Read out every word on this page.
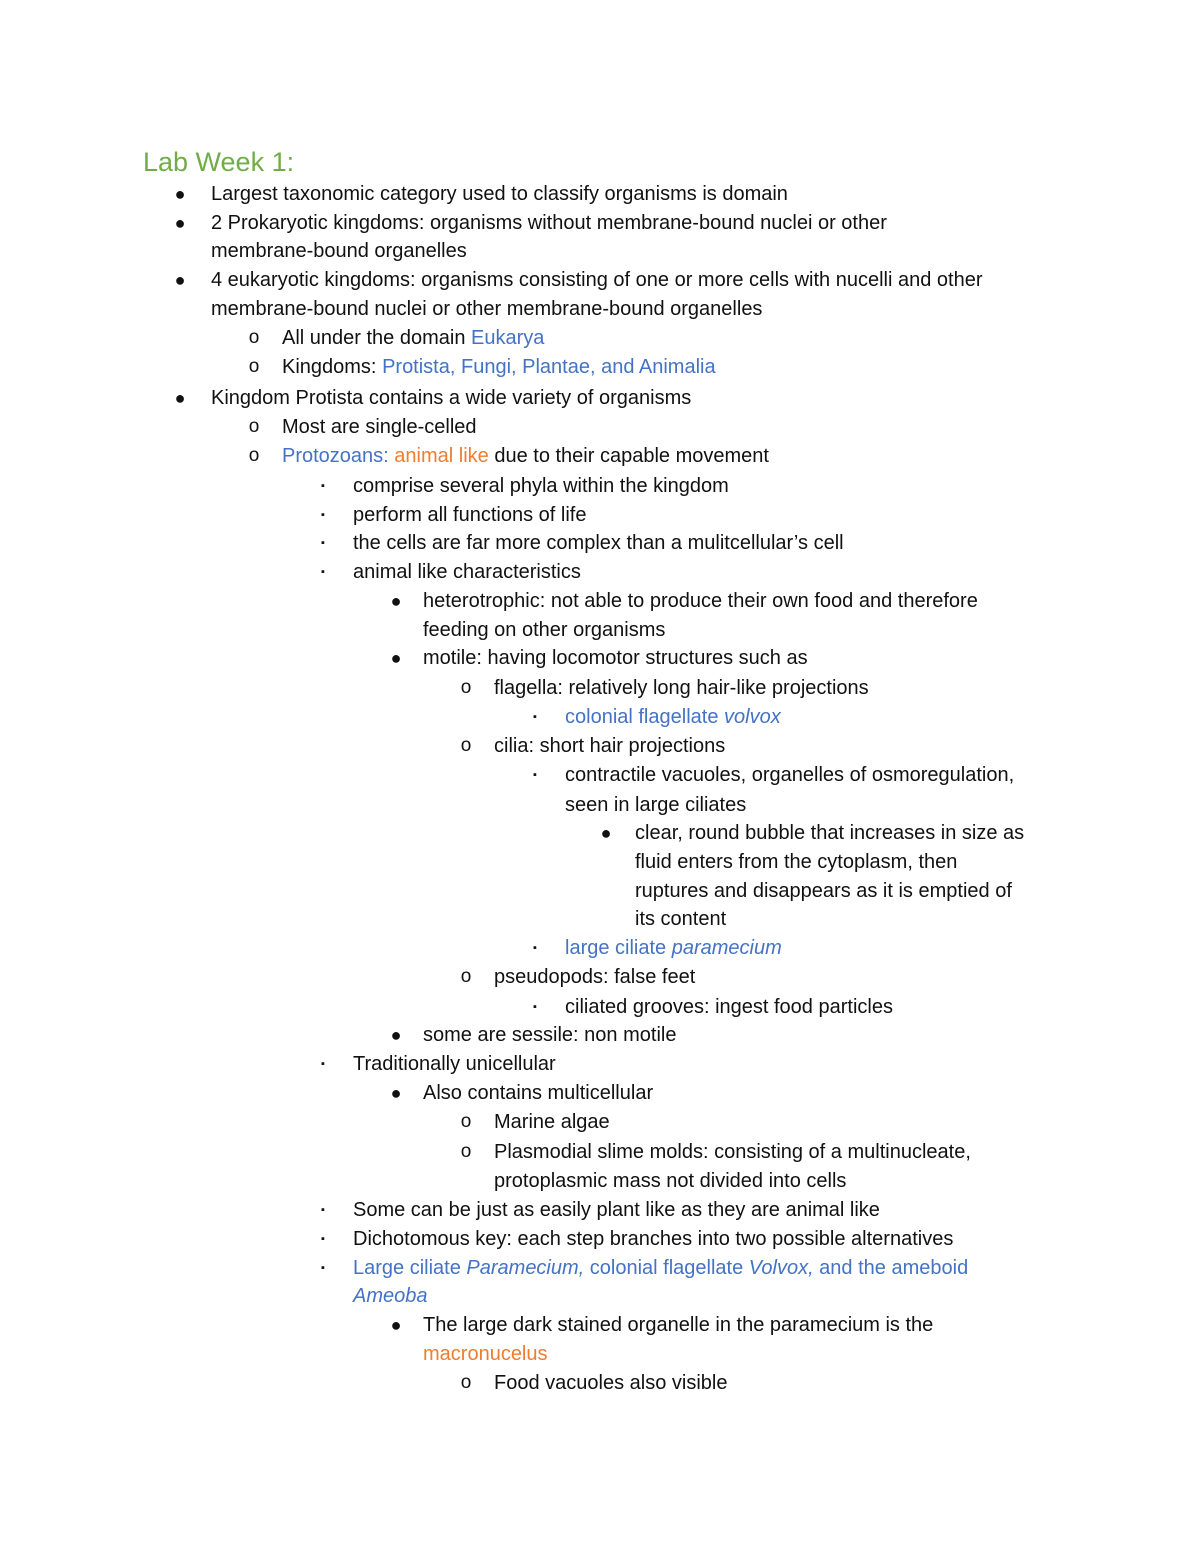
Lab Week 1:
● Largest taxonomic category used to classify organisms is domain
● 2 Prokaryotic kingdoms: organisms without membrane-bound nuclei or other
membrane-bound organelles
● 4 eukaryotic kingdoms: organisms consisting of one or more cells with nucelli and other
membrane-bound nuclei or other membrane-bound organelles
o All under the domain Eukarya
o Kingdoms: Protista, Fungi, Plantae, and Animalia
● Kingdom Protista contains a wide variety of organisms
o Most are single-celled
o Protozoans: animal like due to their capable movement
▪	comprise several phyla within the kingdom
▪	perform all functions of life
▪	the cells are far more complex than a mulitcellular’s cell
▪	animal like characteristics
● heterotrophic: not able to produce their own food and therefore
feeding on other organisms
● motile: having locomotor structures such as
o flagella: relatively long hair-like projections
▪	colonial flagellate volvox
o cilia: short hair projections
▪	contractile vacuoles, organelles of osmoregulation,
seen in large ciliates
● clear, round bubble that increases in size as
fluid enters from the cytoplasm, then
ruptures and disappears as it is emptied of
its content
▪	large ciliate paramecium
o pseudopods: false feet
▪	ciliated grooves: ingest food particles
● some are sessile: non motile
▪	Traditionally unicellular
● Also contains multicellular
o Marine algae
o Plasmodial slime molds: consisting of a multinucleate,
protoplasmic mass not divided into cells
▪	Some can be just as easily plant like as they are animal like
▪	Dichotomous key: each step branches into two possible alternatives
▪	Large ciliate Paramecium, colonial flagellate Volvox, and the ameboid
Ameoba
● The large dark stained organelle in the paramecium is the
macronucelus
o Food vacuoles also visible
